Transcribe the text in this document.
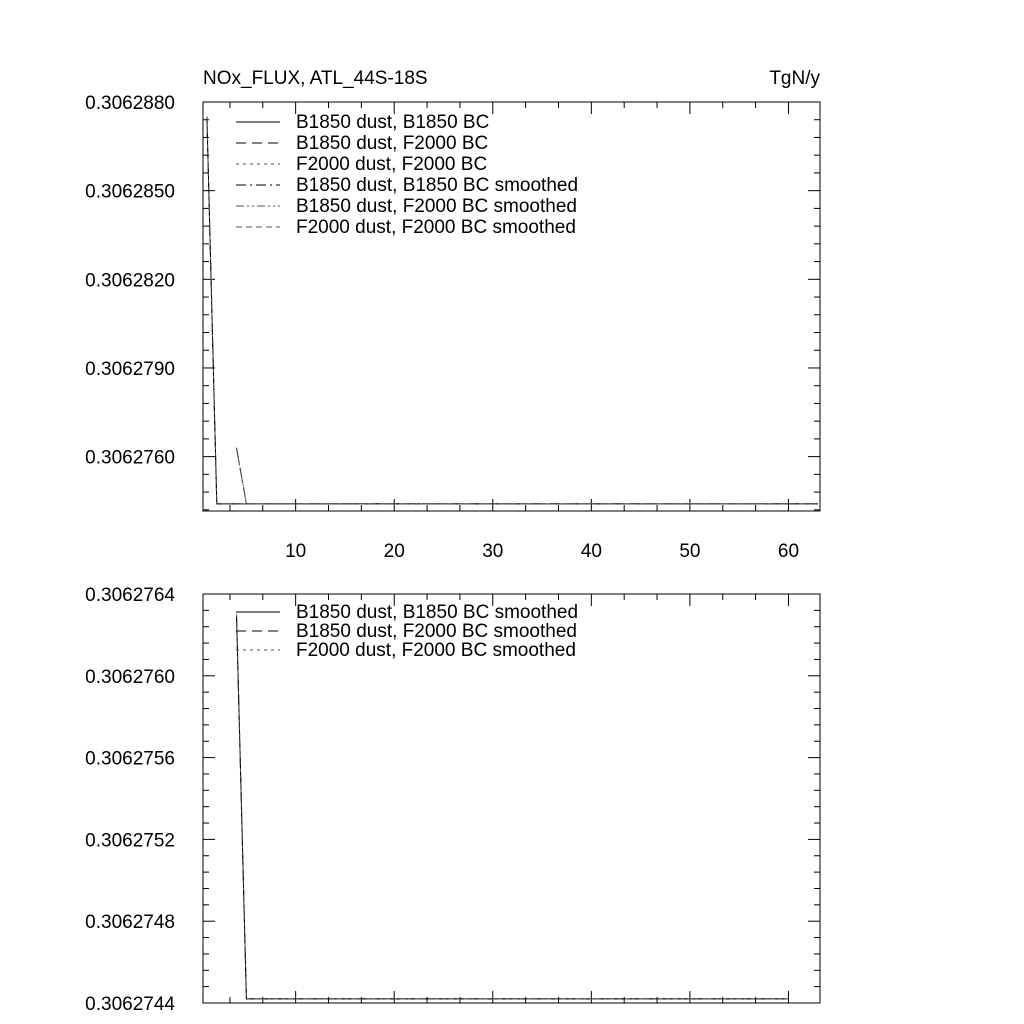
NOx_FLUX, ATL_44S-18S	TgN/y
10	20	30	40	50	60
0.3062760
0.3062790
0.3062820
0.3062850
0.3062880
B1850 dust, B1850 BC
B1850 dust, F2000 BC
F2000 dust, F2000 BC
B1850 dust, B1850 BC smoothed
B1850 dust, F2000 BC smoothed
F2000 dust, F2000 BC smoothed
0.3062744
0.3062748
0.3062752
0.3062756
0.3062760
0.3062764
B1850 dust, B1850 BC smoothed
B1850 dust, F2000 BC smoothed
F2000 dust, F2000 BC smoothed
